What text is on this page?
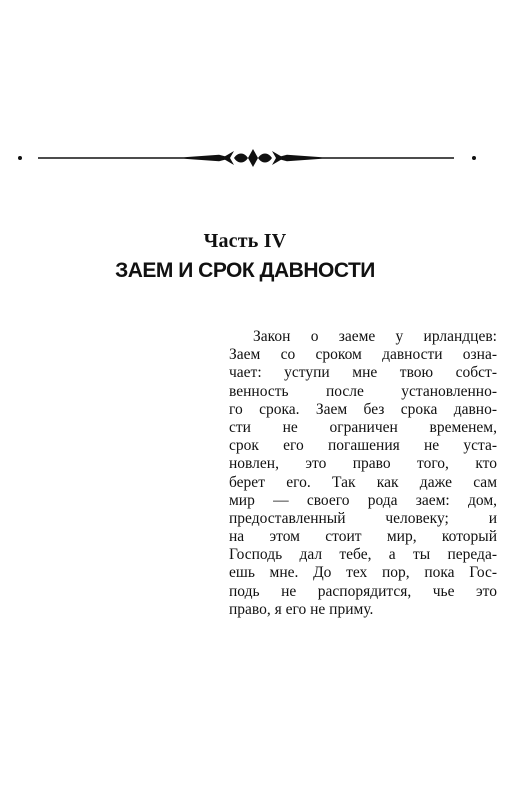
Часть IV
ЗАЕМ И СРОК ДАВНОСТИ
Закон о заеме у ирландцев:
Заем со сроком давности озна-
чает: уступи мне твою собст-
венность после установленно-
го срока. Заем без срока давно-
сти не ограничен временем,
срок его погашения не уста-
новлен, это право того, кто
берет его. Так как даже сам
мир — своего рода заем: дом,
предоставленный человеку; и
на этом стоит мир, который
Господь дал тебе, а ты переда-
ешь мне. До тех пор, пока Гос-
подь не распорядится, чье это
право, я его не приму.
